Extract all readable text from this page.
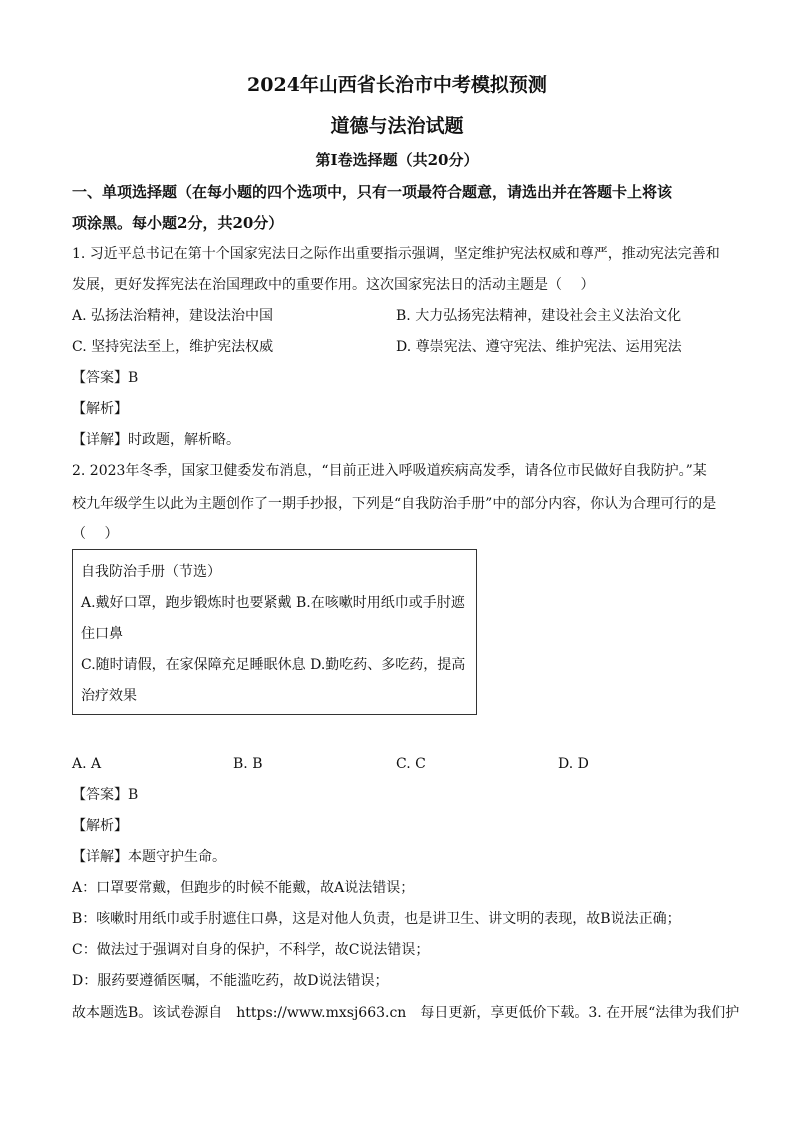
2024年山西省长治市中考模拟预测
道德与法治试题
第Ⅰ卷选择题（共20分）
一、单项选择题（在每小题的四个选项中，只有一项最符合题意，请选出并在答题卡上将该
项涂黑。每小题2分，共20分）
1. 习近平总书记在第十个国家宪法日之际作出重要指示强调，坚定维护宪法权威和尊严，推动宪法完善和
发展，更好发挥宪法在治国理政中的重要作用。这次国家宪法日的活动主题是（　 ）
A. 弘扬法治精神，建设法治中国	B. 大力弘扬宪法精神，建设社会主义法治文化
C. 坚持宪法至上，维护宪法权威	D. 尊崇宪法、遵守宪法、维护宪法、运用宪法
【答案】B
【解析】
【详解】时政题，解析略。
2. 2023年冬季，国家卫健委发布消息，“目前正进入呼吸道疾病高发季，请各位市民做好自我防护。”某
校九年级学生以此为主题创作了一期手抄报，下列是“自我防治手册”中的部分内容，你认为合理可行的是
（　 ）
自我防治手册（节选）
A.戴好口罩，跑步锻炼时也要紧戴 B.在咳嗽时用纸巾或手肘遮
住口鼻
C.随时请假，在家保障充足睡眠休息 D.勤吃药、多吃药，提高
治疗效果
A. A	B. B	C. C	D. D
【答案】B
【解析】
【详解】本题守护生命。
A：口罩要常戴，但跑步的时候不能戴，故A说法错误；
B：咳嗽时用纸巾或手肘遮住口鼻，这是对他人负责，也是讲卫生、讲文明的表现，故B说法正确；
C：做法过于强调对自身的保护，不科学，故C说法错误；
D：服药要遵循医嘱，不能滥吃药，故D说法错误；
故本题选B。该试卷源自　https://www.mxsj663.cn　每日更新，享更低价下载。3. 在开展“法律为我们护
